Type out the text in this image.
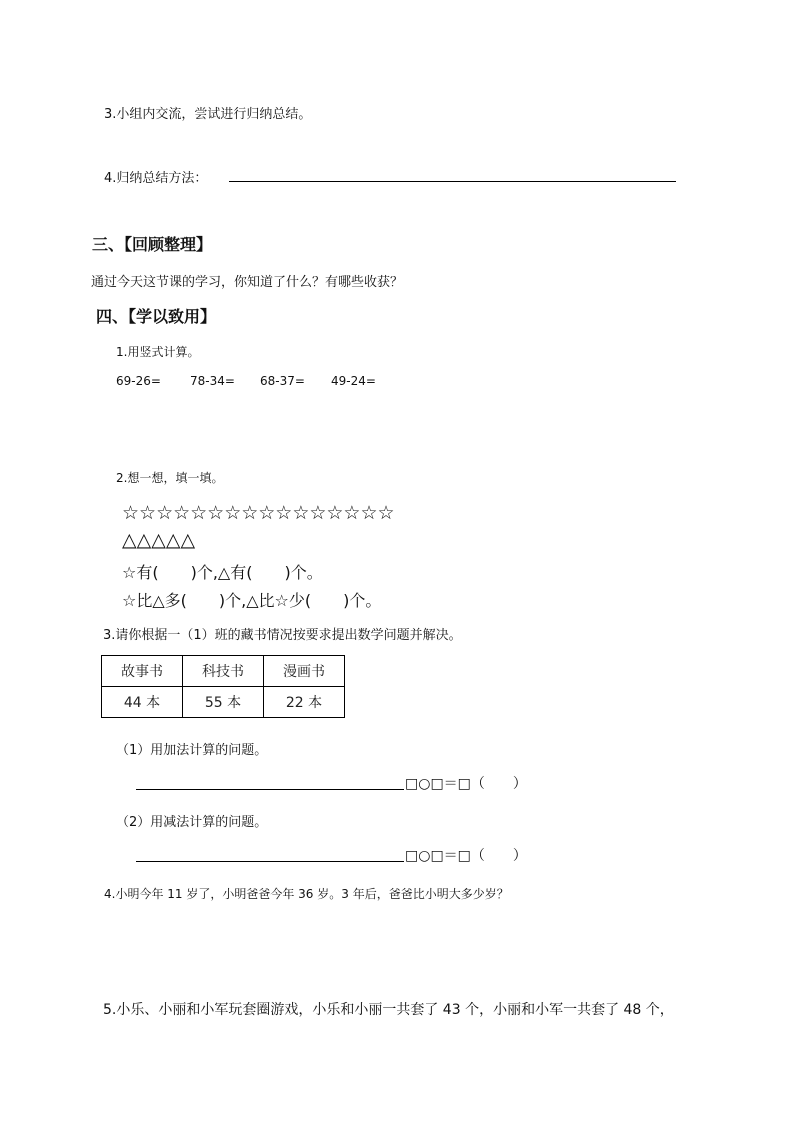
3.小组内交流，尝试进行归纳总结。
4.归纳总结方法：
三、【回顾整理】
通过今天这节课的学习，你知道了什么？有哪些收获？
四、【学以致用】
1.用竖式计算。
69-26= 78-34= 68-37= 49-24=
2.想一想，填一填。
☆☆☆☆☆☆☆☆☆☆☆☆☆☆☆☆
△△△△△
☆有(　　)个,△有(　　)个。
☆比△多(　　)个,△比☆少(　　)个。
3.请你根据一（1）班的藏书情况按要求提出数学问题并解决。
故事书	科技书	漫画书
44 本	55 本	22 本
（1）用加法计算的问题。
□○□＝□（　　）
（2）用减法计算的问题。
□○□＝□（　　）
4.小明今年 11 岁了，小明爸爸今年 36 岁。3 年后，爸爸比小明大多少岁？
5.小乐、小丽和小军玩套圈游戏，小乐和小丽一共套了 43 个，小丽和小军一共套了 48 个，
